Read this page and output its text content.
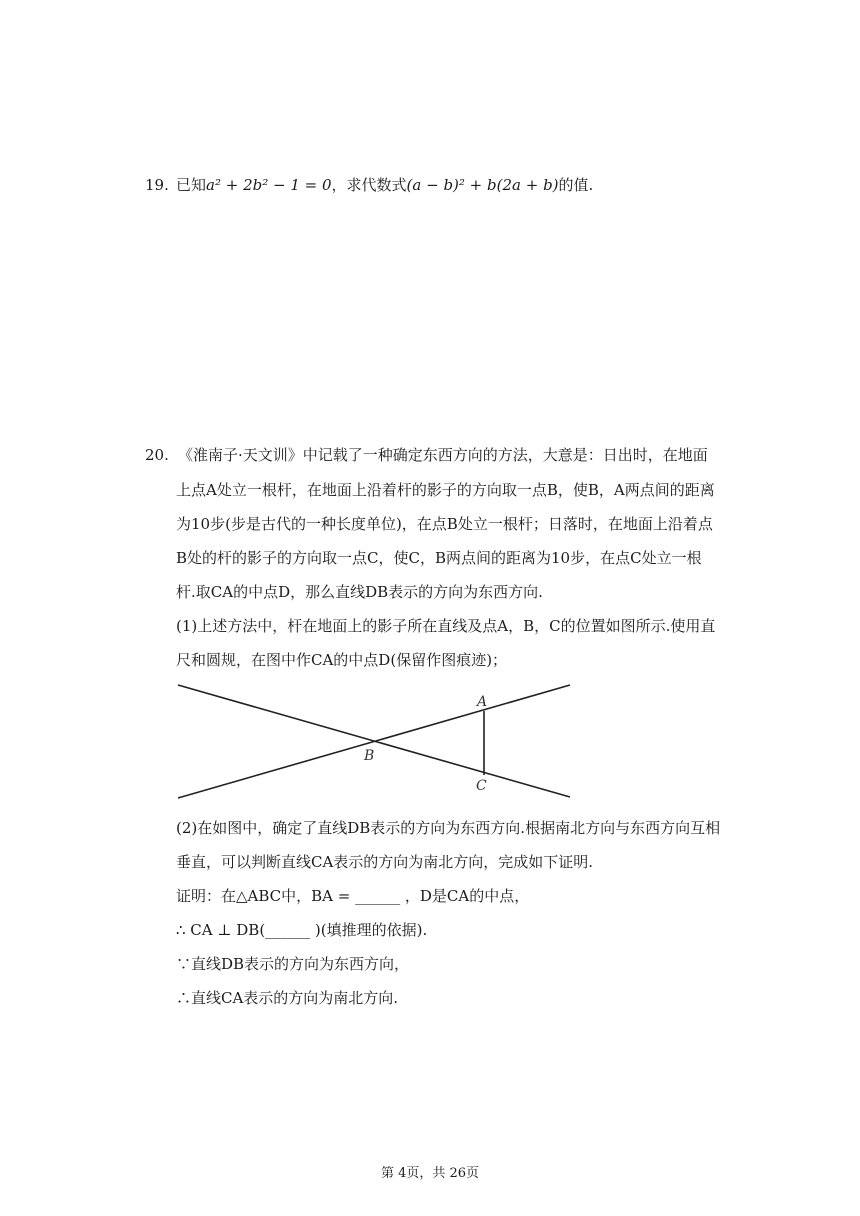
19. 已知a² + 2b² − 1 = 0，求代数式(a − b)² + b(2a + b)的值.
20. 《淮南子·天文训》中记载了一种确定东西方向的方法，大意是：日出时，在地面
上点A处立一根杆，在地面上沿着杆的影子的方向取一点B，使B，A两点间的距离
为10步(步是古代的一种长度单位)，在点B处立一根杆；日落时，在地面上沿着点
B处的杆的影子的方向取一点C，使C，B两点间的距离为10步，在点C处立一根
杆.取CA的中点D，那么直线DB表示的方向为东西方向.
(1)上述方法中，杆在地面上的影子所在直线及点A，B，C的位置如图所示.使用直
尺和圆规，在图中作CA的中点D(保留作图痕迹)；
A
B
C
(2)在如图中，确定了直线DB表示的方向为东西方向.根据南北方向与东西方向互相
垂直，可以判断直线CA表示的方向为南北方向，完成如下证明.
证明：在△ABC中，BA = ______ ，D是CA的中点，
∴ CA ⊥ DB(______ )(填推理的依据).
∵直线DB表示的方向为东西方向，
∴直线CA表示的方向为南北方向.
第 4页，共 26页
